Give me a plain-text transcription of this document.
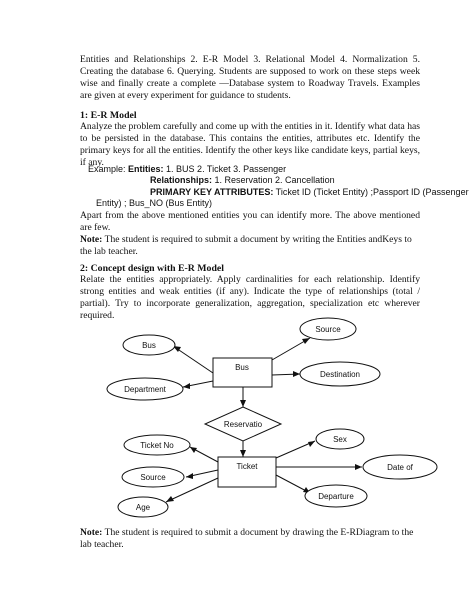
Entities and Relationships 2. E-R Model 3. Relational Model 4. Normalization 5. Creating the database 6. Querying. Students are supposed to work on these steps week wise and finally create a complete —Database system to Roadway Travels. Examples are given at every experiment for guidance to students.
1: E-R Model
Analyze the problem carefully and come up with the entities in it. Identify what data has to be persisted in the database. This contains the entities, attributes etc. Identify the primary keys for all the entities. Identify the other keys like candidate keys, partial keys, if any.
Example: Entities: 1. BUS 2. Ticket 3. Passenger
Relationships: 1. Reservation 2. Cancellation
PRIMARY KEY ATTRIBUTES: Ticket ID (Ticket Entity) ;Passport ID (Passenger
Entity) ; Bus_NO (Bus Entity)
Apart from the above mentioned entities you can identify more. The above mentioned are few.
Note: The student is required to submit a document by writing the Entities andKeys to the lab teacher.
2: Concept design with E-R Model
Relate the entities appropriately. Apply cardinalities for each relationship. Identify strong entities and weak entities (if any). Indicate the type of relationships (total / partial). Try to incorporate generalization, aggregation, specialization etc wherever required.
Bus
Reservatio
Ticket
Bus
Source
Department
Destination
Ticket No
Sex
Source
Date of
Age
Departure
Note: The student is required to submit a document by drawing the E-RDiagram to the lab teacher.
